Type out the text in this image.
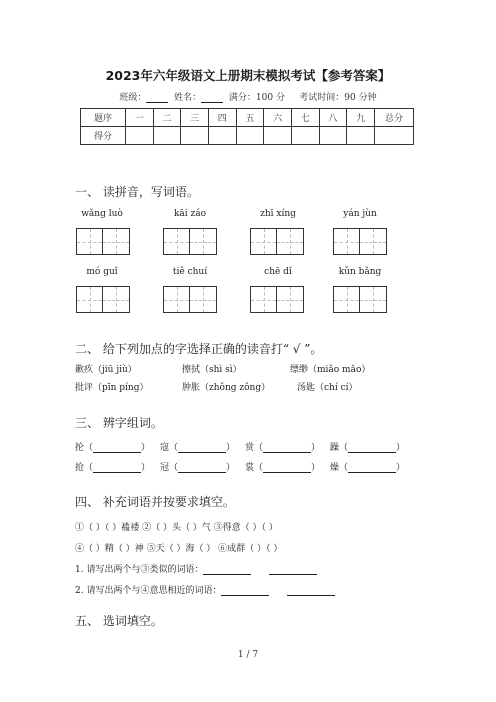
2023年六年级语文上册期末模拟考试【参考答案】
班级：	姓名：	满分：100 分 考试时间：90 分钟
题序	一	二	三	四	五	六	七	八	九	总分
得分										
一、 读拼音，写词语。
wǎng luò	kāi záo	zhī xíng	yán jùn
mó guǐ	tiě chuí	chē dǐ	kǔn bǎng
二、 给下列加点的字选择正确的读音打“ √ ”。
歉疚（jiū jiù）	擦拭（shì sì）	缥缈（miǎo mǎo）
批评（pīn píng）	肿胀（zhǒng zǒng）	汤匙（chí cí）
三、 辨字组词。
抡（	） 寇（	） 赏（	） 躁（	）
抢（	） 冠（	） 裳（	） 燥（	）
四、 补充词语并按要求填空。
①（ ）（ ）褴褛 ②（ ）头（ ）气 ③得意（ ）（ ）
④（ ）精（ ）神 ⑤天（ ）海（ ） ⑥成群（ ）（ ）
1. 请写出两个与③类似的词语：
2. 请写出两个与④意思相近的词语：
五、 选词填空。
1 / 7
